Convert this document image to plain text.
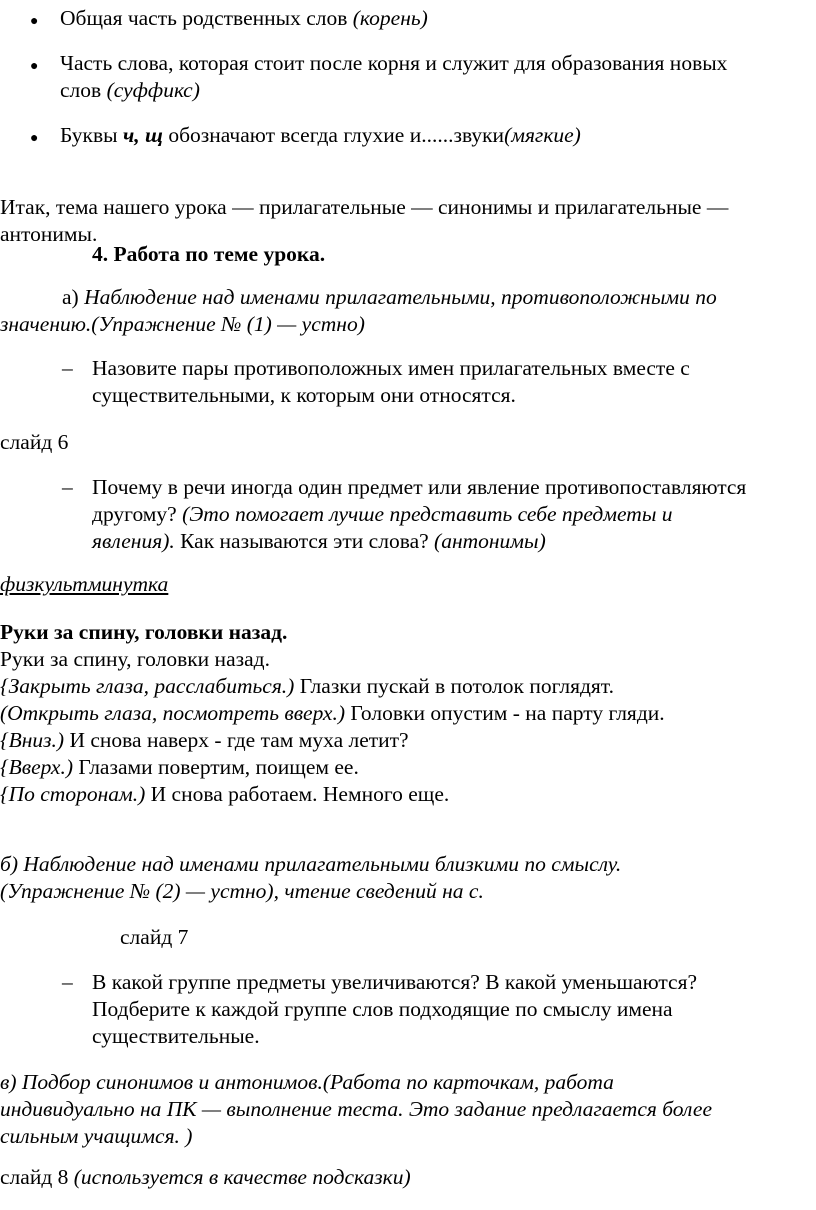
● Общая часть родственных слов (корень)
● Часть слова, которая стоит после корня и служит для образования новых
слов (суффикс)
● Буквы ч, щ обозначают всегда глухие и......звуки(мягкие)
Итак, тема нашего урока — прилагательные — синонимы и прилагательные —
антонимы.
4. Работа по теме урока.
а) Наблюдение над именами прилагательными, противоположными по
значению.(Упражнение № (1) — устно)
– Назовите пары противоположных имен прилагательных вместе с
существительными, к которым они относятся.
слайд 6
– Почему в речи иногда один предмет или явление противопоставляются
другому? (Это помогает лучше представить себе предметы и
явления). Как называются эти слова? (антонимы)
физкультминутка
Руки за спину, головки назад.
Руки за спину, головки назад.
{Закрыть глаза, расслабиться.) Глазки пускай в потолок поглядят.
(Открыть глаза, посмотреть вверх.) Головки опустим - на парту гляди.
{Вниз.) И снова наверх - где там муха летит?
{Вверх.) Глазами повертим, поищем ее.
{По сторонам.) И снова работаем. Немного еще.
б) Наблюдение над именами прилагательными близкими по смыслу.
(Упражнение № (2) — устно), чтение сведений на с.
слайд 7
– В какой группе предметы увеличиваются? В какой уменьшаются?
Подберите к каждой группе слов подходящие по смыслу имена
существительные.
в) Подбор синонимов и антонимов.(Работа по карточкам, работа
индивидуально на ПК — выполнение теста. Это задание предлагается более
сильным учащимся. )
слайд 8 (используется в качестве подсказки)
